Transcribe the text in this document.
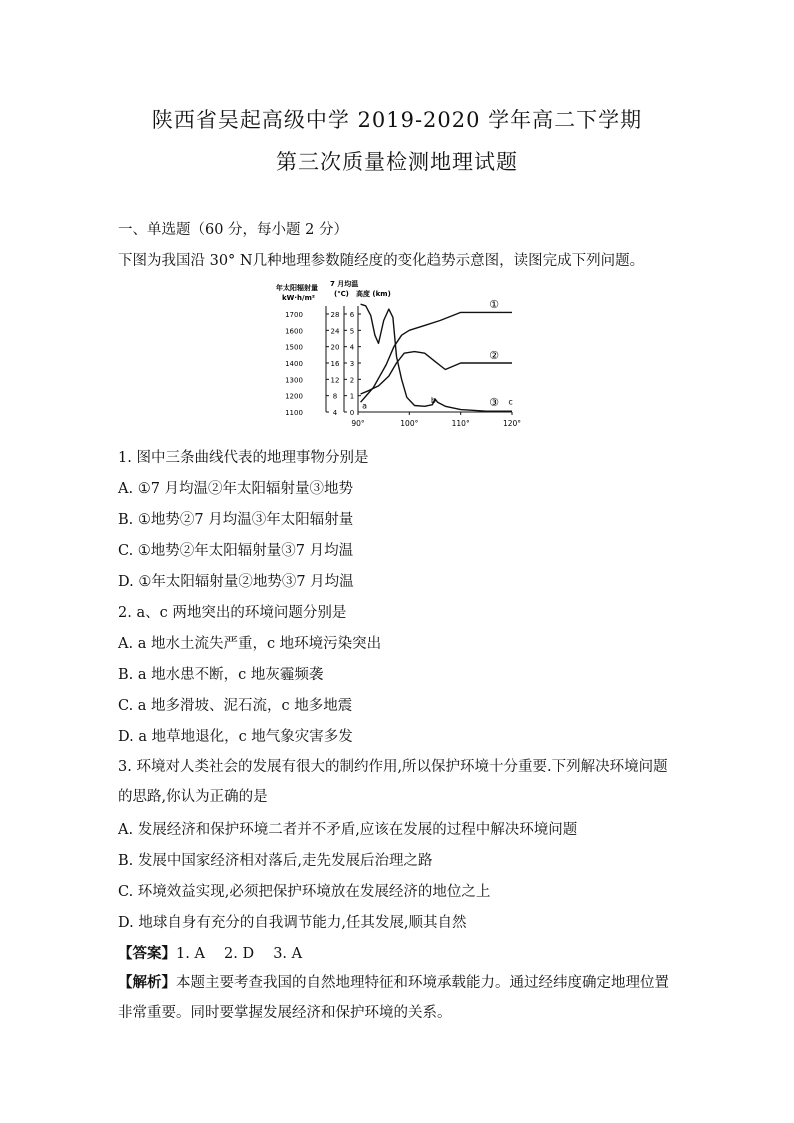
陕西省吴起高级中学 2019-2020 学年高二下学期
第三次质量检测地理试题
一、单选题（60 分，每小题 2 分）
下图为我国沿 30° N几种地理参数随经度的变化趋势示意图，读图完成下列问题。
年太阳辐射量
kW·h/m²
7 月均温
(℃) 高度 (km)
1700	28 6
1600	24 5
1500	20 4
1400	16 3
1300	12 2
1200	8 1
1100	4 0
90°	100°	110°	120°
①
②
③
a
b	c
1. 图中三条曲线代表的地理事物分别是
A. ①7 月均温②年太阳辐射量③地势
B. ①地势②7 月均温③年太阳辐射量
C. ①地势②年太阳辐射量③7 月均温
D. ①年太阳辐射量②地势③7 月均温
2. a、c 两地突出的环境问题分别是
A. a 地水土流失严重，c 地环境污染突出
B. a 地水患不断，c 地灰霾频袭
C. a 地多滑坡、泥石流，c 地多地震
D. a 地草地退化，c 地气象灾害多发
3. 环境对人类社会的发展有很大的制约作用,所以保护环境十分重要.下列解决环境问题的思路,你认为正确的是
A. 发展经济和保护环境二者并不矛盾,应该在发展的过程中解决环境问题
B. 发展中国家经济相对落后,走先发展后治理之路
C. 环境效益实现,必须把保护环境放在发展经济的地位之上
D. 地球自身有充分的自我调节能力,任其发展,顺其自然
【答案】1. A　 2. D　 3. A
【解析】本题主要考查我国的自然地理特征和环境承载能力。通过经纬度确定地理位置非常重要。同时要掌握发展经济和保护环境的关系。
